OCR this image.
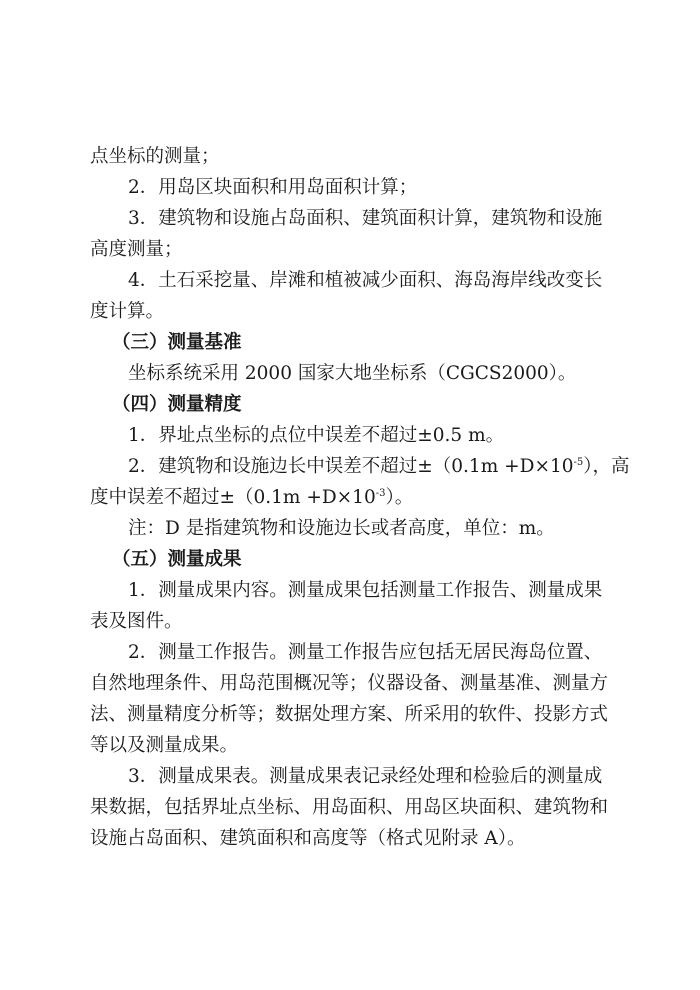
点坐标的测量；
2．用岛区块面积和用岛面积计算；
3．建筑物和设施占岛面积、建筑面积计算，建筑物和设施
高度测量；
4．土石采挖量、岸滩和植被减少面积、海岛海岸线改变长
度计算。
（三）测量基准
坐标系统采用 2000 国家大地坐标系（CGCS2000）。
（四）测量精度
1．界址点坐标的点位中误差不超过±0.5 m。
2．建筑物和设施边长中误差不超过$\pm(0.1m +D\times 10^{-5})$，高
度中误差不超过$\pm(0.1m +D\times 10^{-3})$。
注：D 是指建筑物和设施边长或者高度，单位：m。
（五）测量成果
1．测量成果内容。测量成果包括测量工作报告、测量成果
表及图件。
2．测量工作报告。测量工作报告应包括无居民海岛位置、
自然地理条件、用岛范围概况等；仪器设备、测量基准、测量方
法、测量精度分析等；数据处理方案、所采用的软件、投影方式
等以及测量成果。
3．测量成果表。测量成果表记录经处理和检验后的测量成
果数据，包括界址点坐标、用岛面积、用岛区块面积、建筑物和
设施占岛面积、建筑面积和高度等（格式见附录 A）。
